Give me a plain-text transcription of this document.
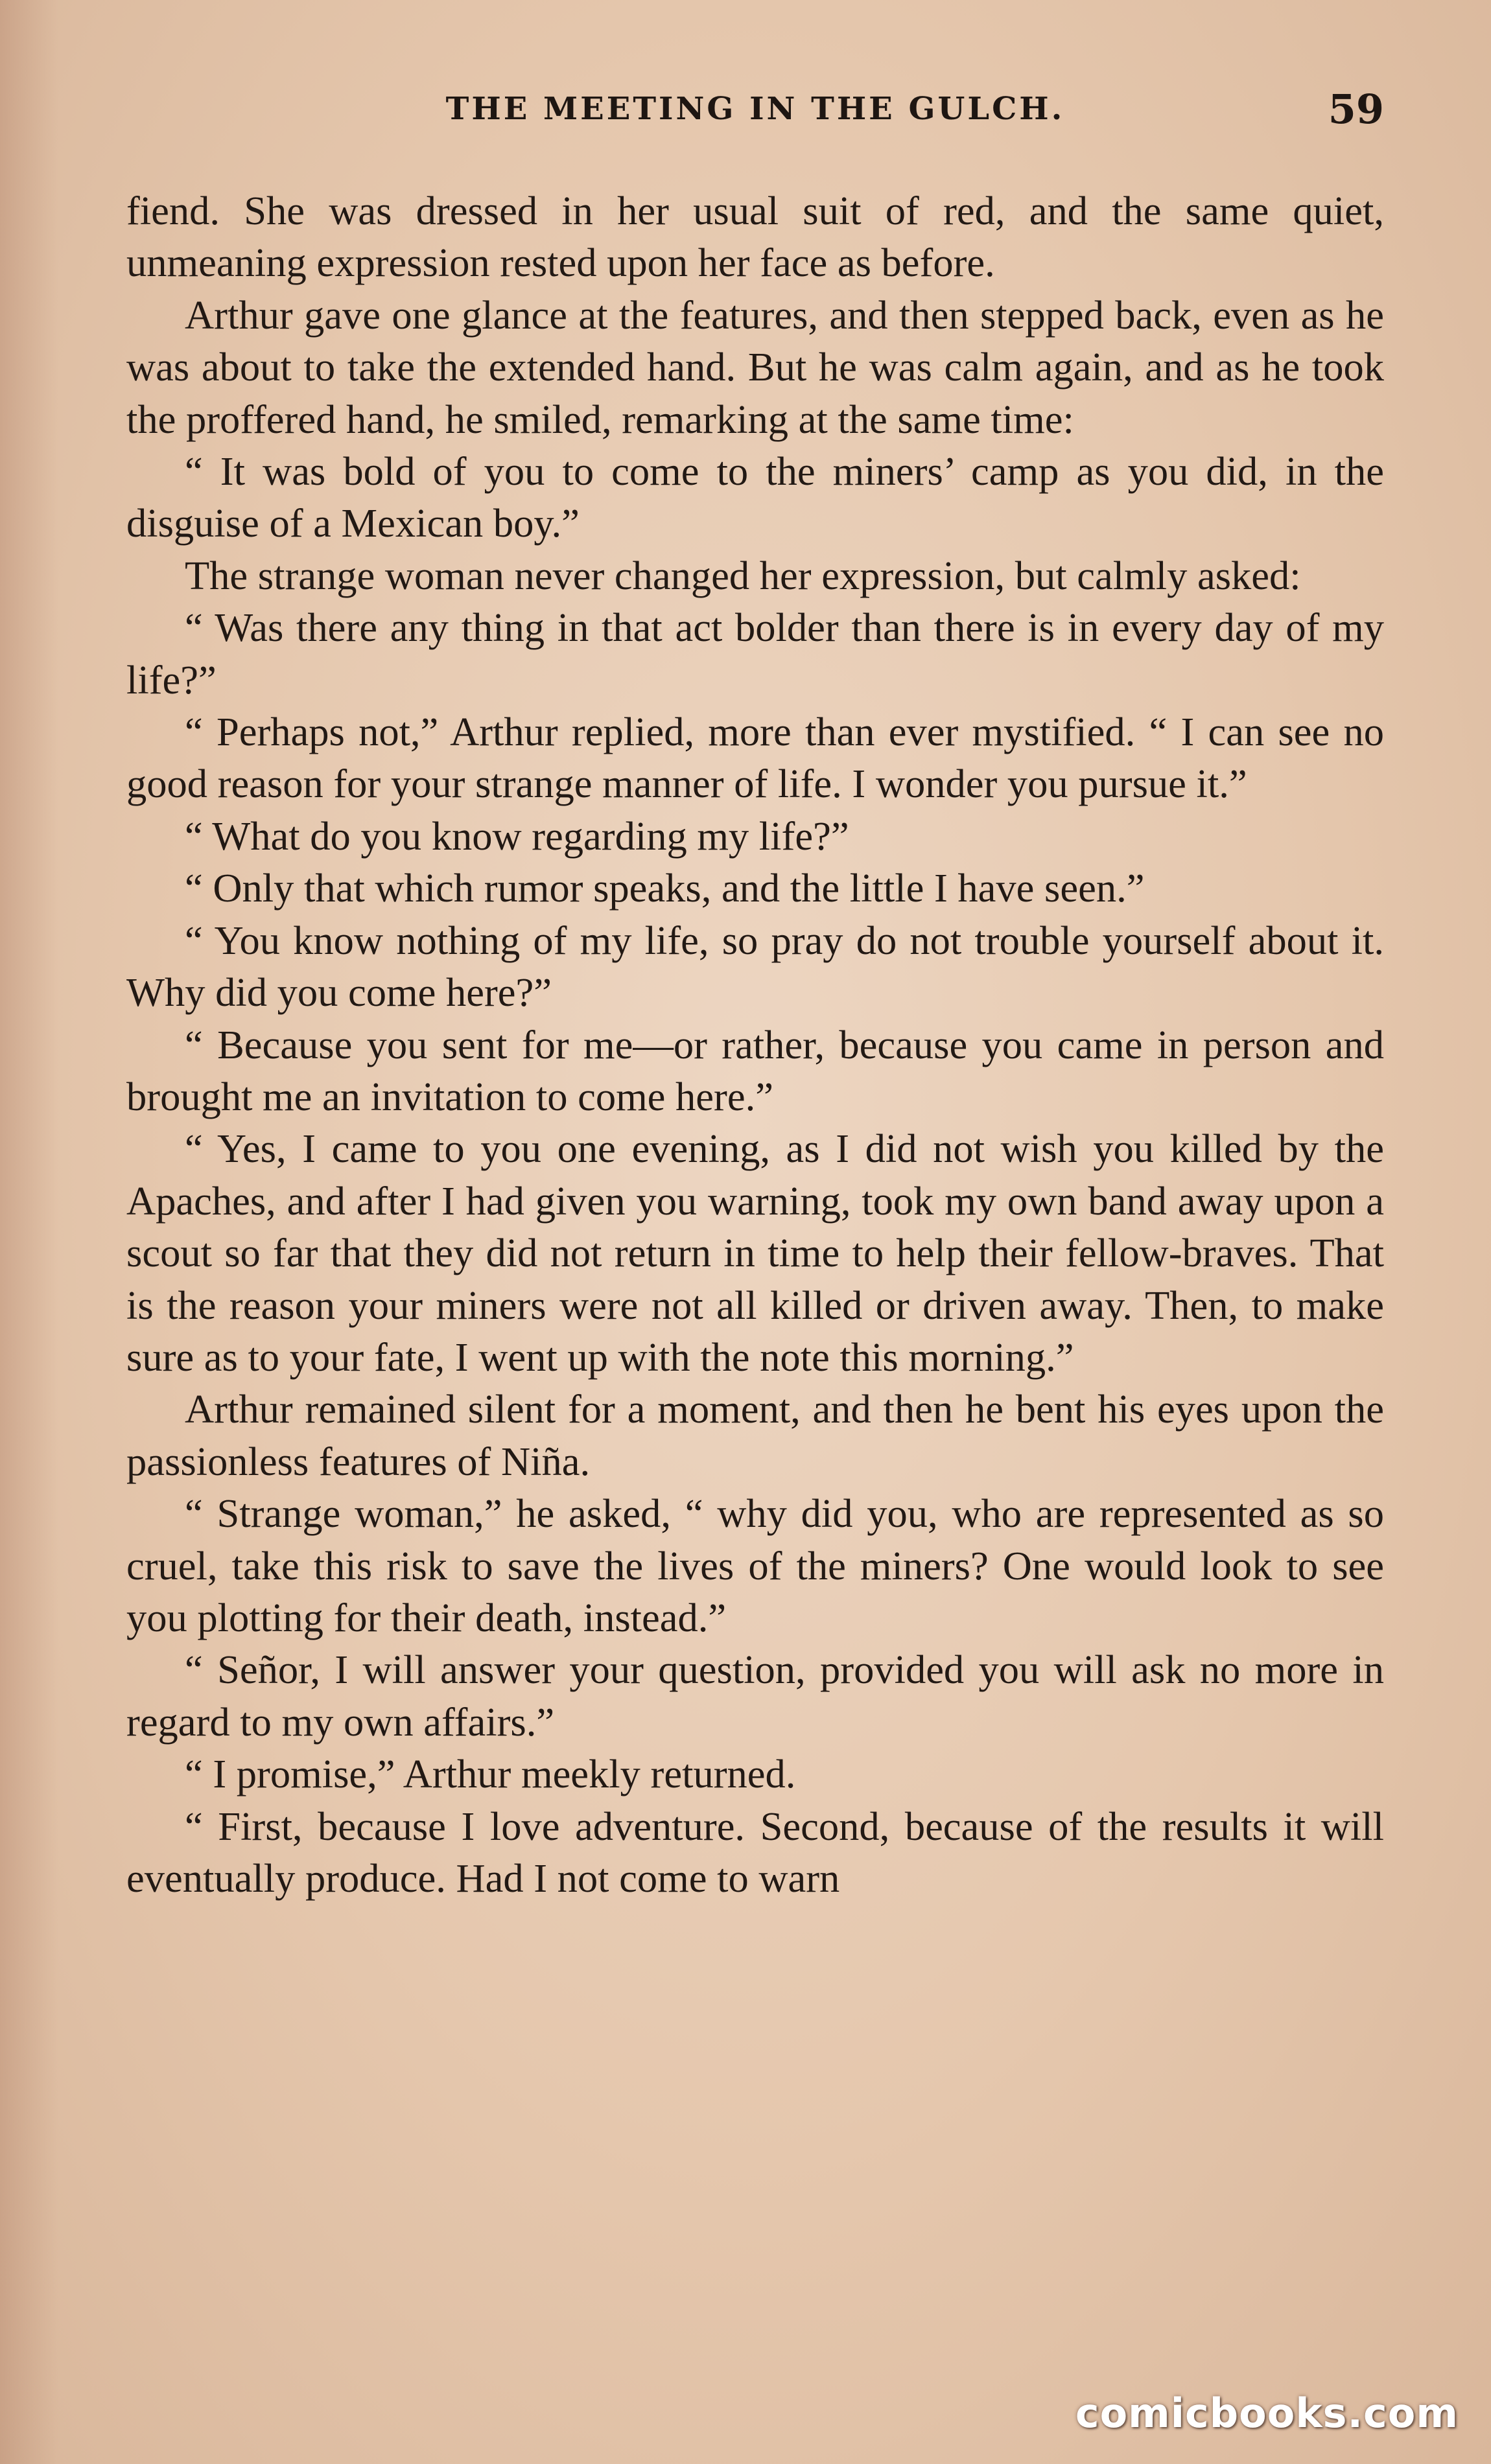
THE MEETING IN THE GULCH.	59

fiend. She was dressed in her usual suit of red, and the same quiet, unmeaning expression rested upon her face as before.

Arthur gave one glance at the features, and then stepped back, even as he was about to take the extended hand. But he was calm again, and as he took the proffered hand, he smiled, remarking at the same time:

“ It was bold of you to come to the miners’ camp as you did, in the disguise of a Mexican boy.”

The strange woman never changed her expression, but calmly asked:

“ Was there any thing in that act bolder than there is in every day of my life?”

“ Perhaps not,” Arthur replied, more than ever mystified. “ I can see no good reason for your strange manner of life. I wonder you pursue it.”

“ What do you know regarding my life?”

“ Only that which rumor speaks, and the little I have seen.”

“ You know nothing of my life, so pray do not trouble yourself about it. Why did you come here?”

“ Because you sent for me—or rather, because you came in person and brought me an invitation to come here.”

“ Yes, I came to you one evening, as I did not wish you killed by the Apaches, and after I had given you warning, took my own band away upon a scout so far that they did not return in time to help their fellow-braves. That is the reason your miners were not all killed or driven away. Then, to make sure as to your fate, I went up with the note this morning.”

Arthur remained silent for a moment, and then he bent his eyes upon the passionless features of Niña.

“ Strange woman,” he asked, “ why did you, who are represented as so cruel, take this risk to save the lives of the miners? One would look to see you plotting for their death, instead.”

“ Señor, I will answer your question, provided you will ask no more in regard to my own affairs.”

“ I promise,” Arthur meekly returned.

“ First, because I love adventure. Second, because of the results it will eventually produce. Had I not come to warn

comicbooks.com
